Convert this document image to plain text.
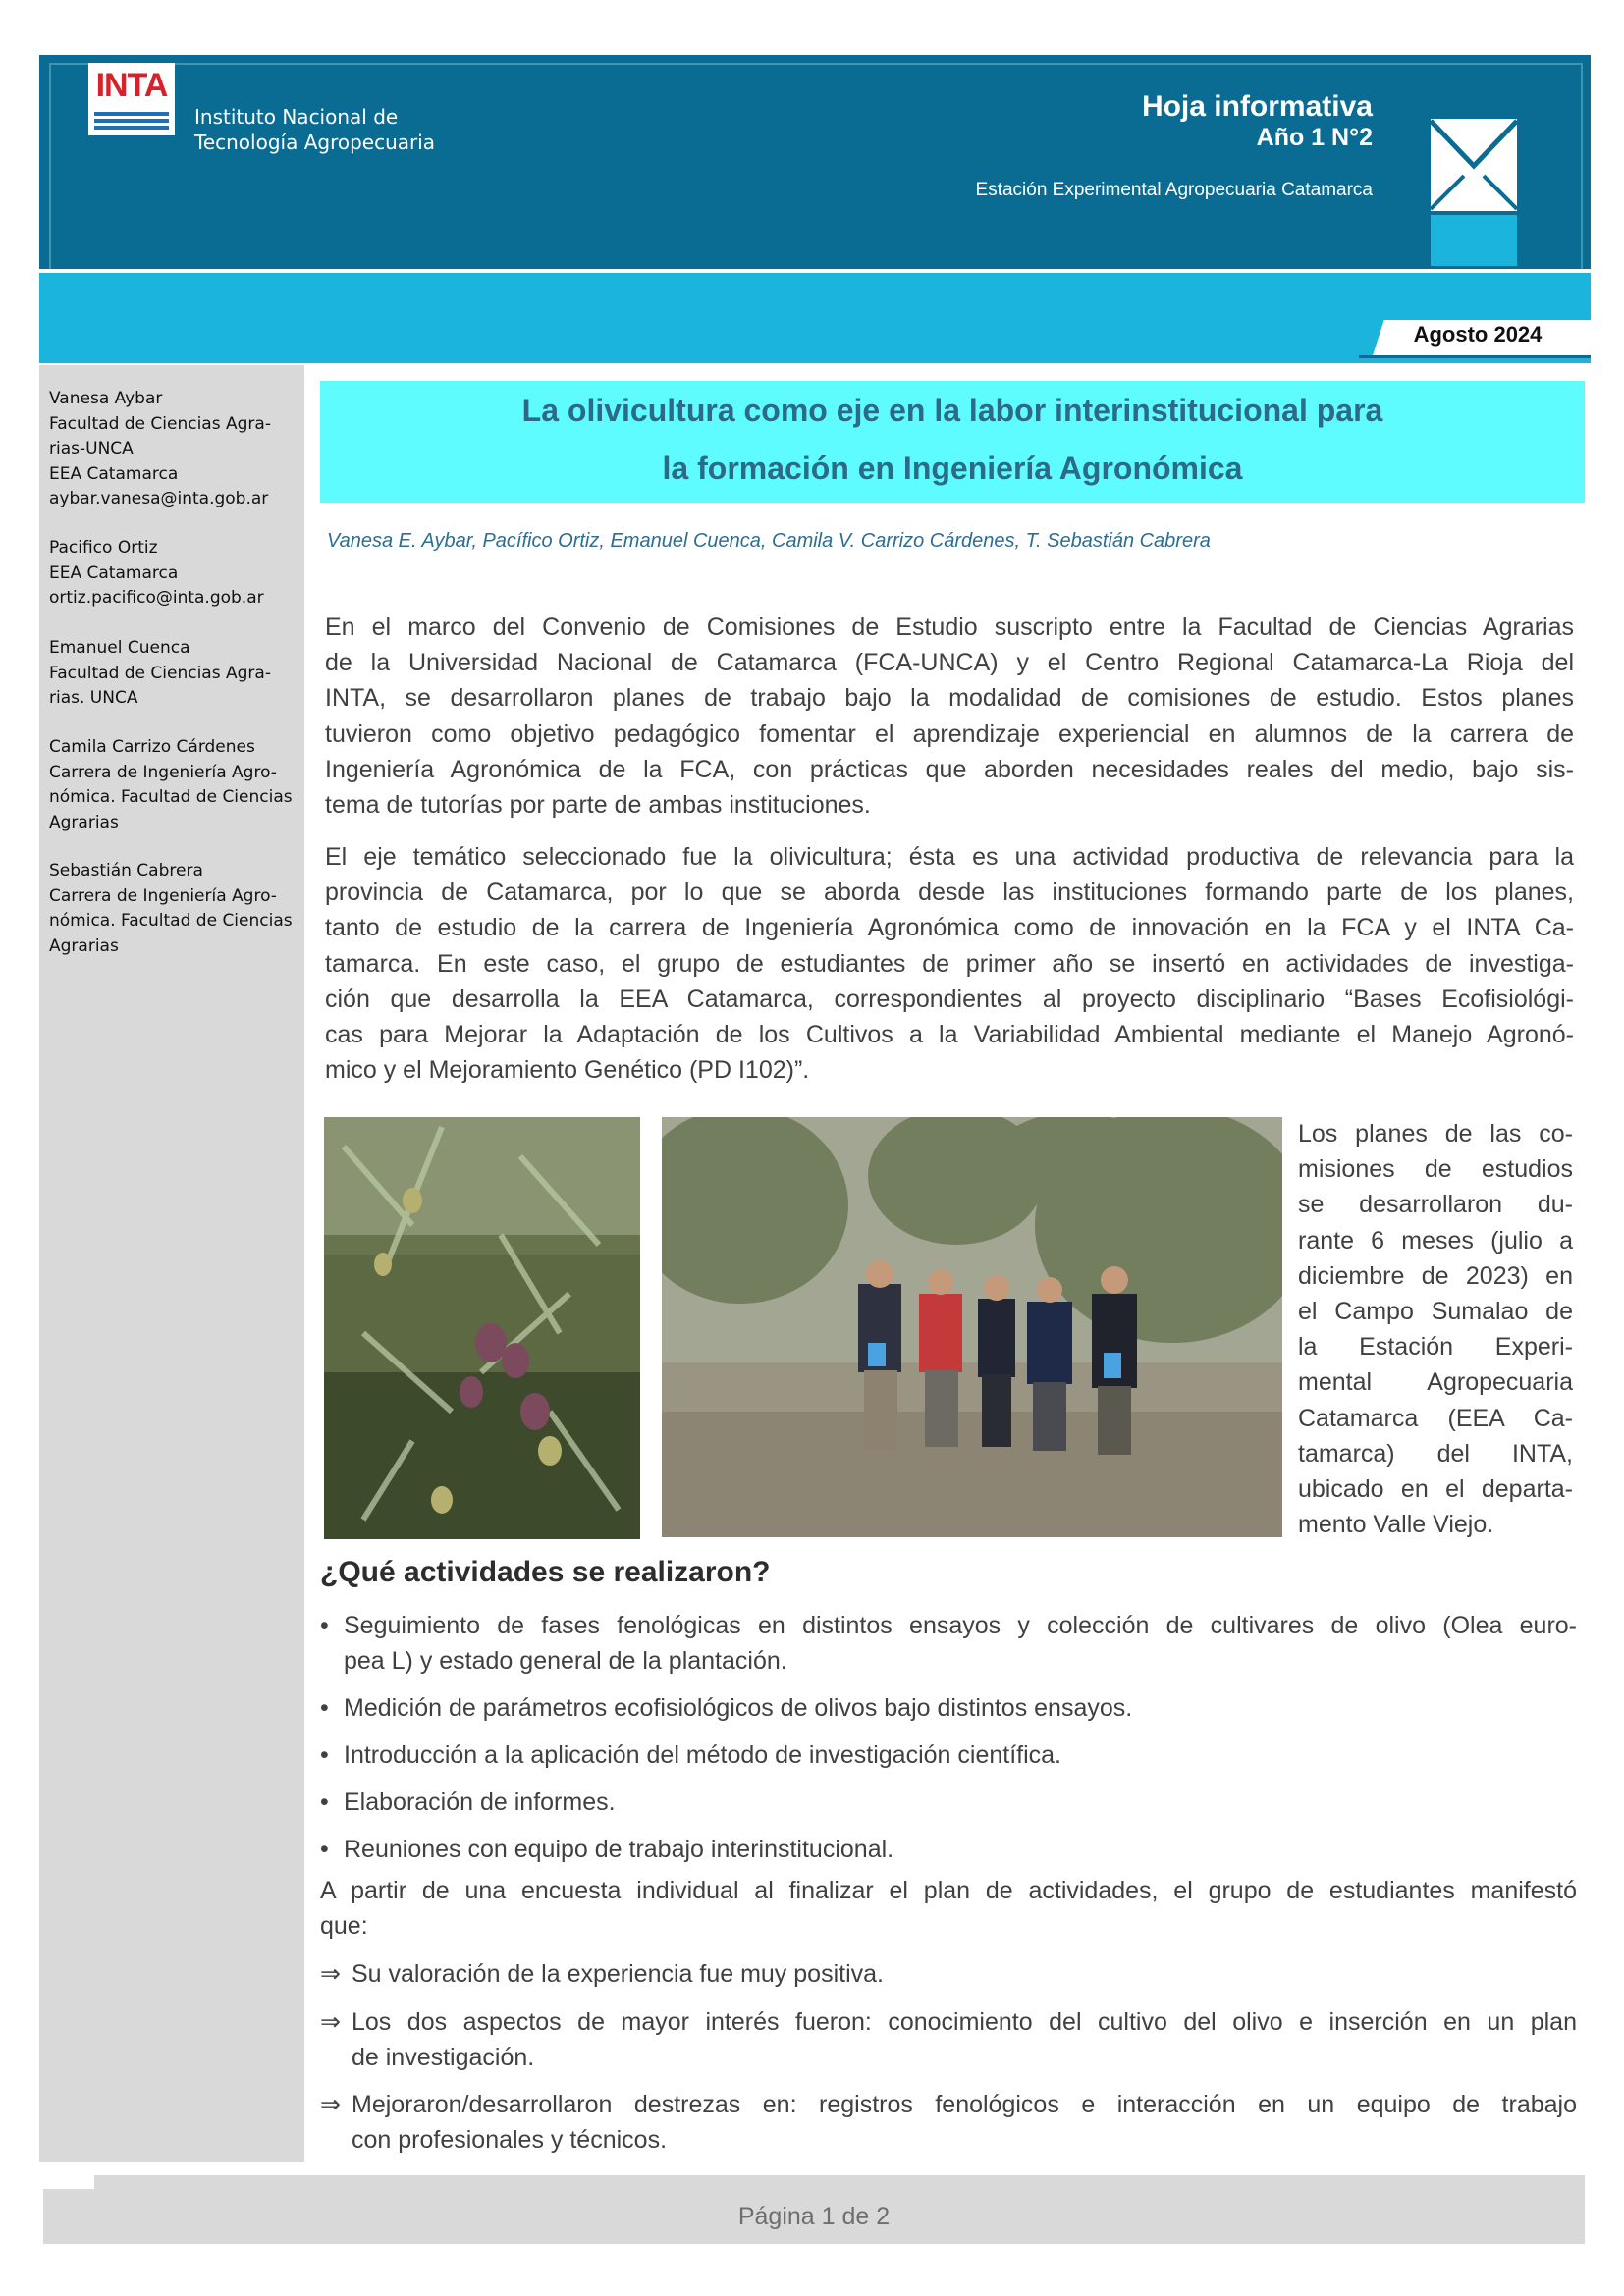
INTA
Instituto Nacional de
Tecnología Agropecuaria
Hoja informativa
Año 1 N°2
Estación Experimental Agropecuaria Catamarca
Agosto 2024
Vanesa Aybar
Facultad de Ciencias Agra-
rias-UNCA
EEA Catamarca
aybar.vanesa@inta.gob.ar
Pacifico Ortiz
EEA Catamarca
ortiz.pacifico@inta.gob.ar
Emanuel Cuenca
Facultad de Ciencias Agra-
rias. UNCA
Camila Carrizo Cárdenes
Carrera de Ingeniería Agro-
nómica. Facultad de Ciencias
Agrarias
Sebastián Cabrera
Carrera de Ingeniería Agro-
nómica. Facultad de Ciencias
Agrarias
La olivicultura como eje en la labor interinstitucional para
la formación en Ingeniería Agronómica
Vanesa E. Aybar, Pacífico Ortiz, Emanuel Cuenca, Camila V. Carrizo Cárdenes, T. Sebastián Cabrera
En el marco del Convenio de Comisiones de Estudio suscripto entre la Facultad de Ciencias Agrarias
de la Universidad Nacional de Catamarca (FCA-UNCA) y el Centro Regional Catamarca-La Rioja del
INTA, se desarrollaron planes de trabajo bajo la modalidad de comisiones de estudio. Estos planes
tuvieron como objetivo pedagógico fomentar el aprendizaje experiencial en alumnos de la carrera de
Ingeniería Agronómica de la FCA, con prácticas que aborden necesidades reales del medio, bajo sis-
tema de tutorías por parte de ambas instituciones.
El eje temático seleccionado fue la olivicultura; ésta es una actividad productiva de relevancia para la
provincia de Catamarca, por lo que se aborda desde las instituciones formando parte de los planes,
tanto de estudio de la carrera de Ingeniería Agronómica como de innovación en la FCA y el INTA Ca-
tamarca. En este caso, el grupo de estudiantes de primer año se insertó en actividades de investiga-
ción que desarrolla la EEA Catamarca, correspondientes al proyecto disciplinario “Bases Ecofisiológi-
cas para Mejorar la Adaptación de los Cultivos a la Variabilidad Ambiental mediante el Manejo Agronó-
mico y el Mejoramiento Genético (PD I102)”.
Los planes de las co-
misiones de estudios
se desarrollaron du-
rante 6 meses (julio a
diciembre de 2023) en
el Campo Sumalao de
la Estación Experi-
mental Agropecuaria
Catamarca (EEA Ca-
tamarca) del INTA,
ubicado en el departa-
mento Valle Viejo.
¿Qué actividades se realizaron?
• Seguimiento de fases fenológicas en distintos ensayos y colección de cultivares de olivo (Olea euro-
pea L) y estado general de la plantación.
• Medición de parámetros ecofisiológicos de olivos bajo distintos ensayos.
• Introducción a la aplicación del método de investigación científica.
• Elaboración de informes.
• Reuniones con equipo de trabajo interinstitucional.
A partir de una encuesta individual al finalizar el plan de actividades, el grupo de estudiantes manifestó
que:
⇒ Su valoración de la experiencia fue muy positiva.
⇒ Los dos aspectos de mayor interés fueron: conocimiento del cultivo del olivo e inserción en un plan
de investigación.
⇒ Mejoraron/desarrollaron destrezas en: registros fenológicos e interacción en un equipo de trabajo
con profesionales y técnicos.
Página 1 de 2
